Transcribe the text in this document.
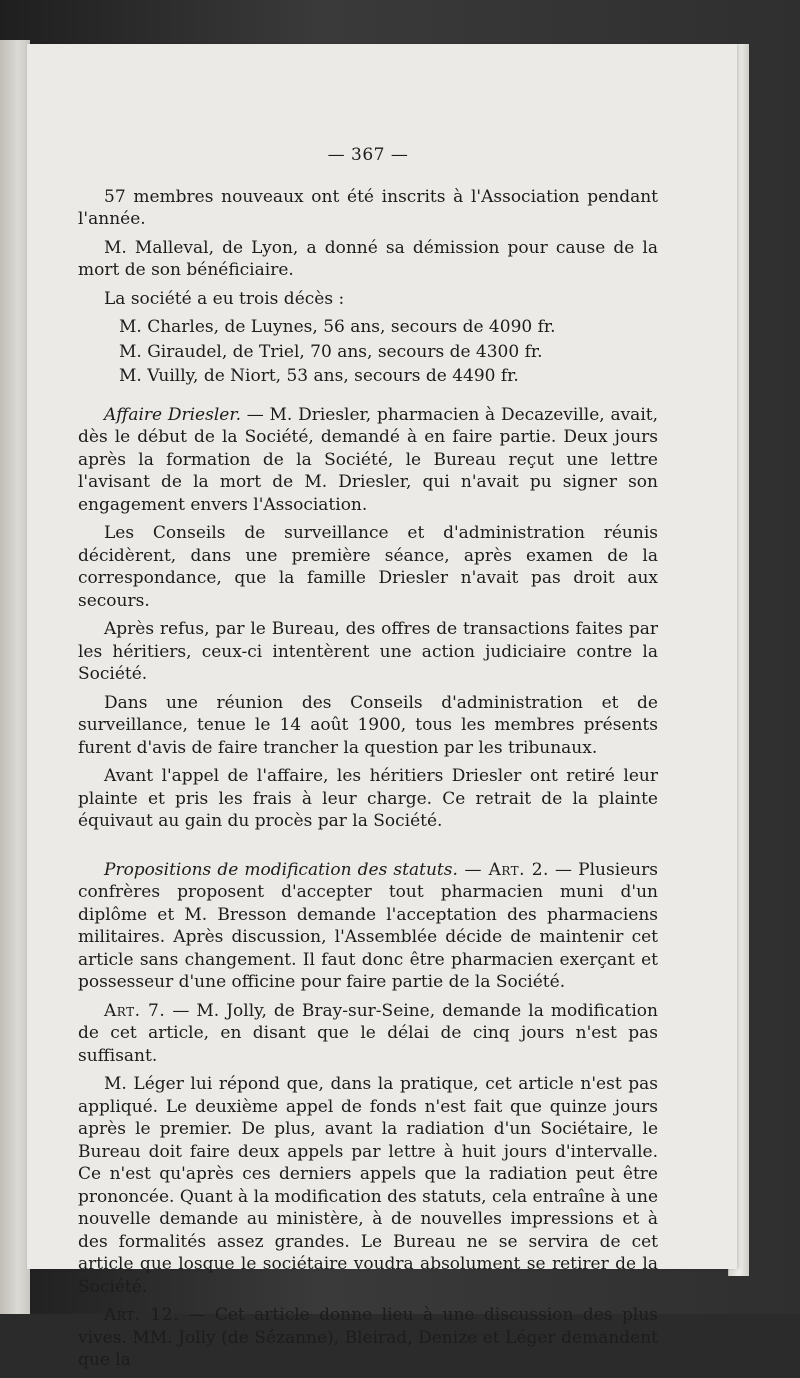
— 367 —

57 membres nouveaux ont été inscrits à l'Association pendant l'année.

M. Malleval, de Lyon, a donné sa démission pour cause de la mort de son bénéficiaire.

La société a eu trois décès :

M. Charles, de Luynes, 56 ans, secours de 4090 fr.
M. Giraudel, de Triel, 70 ans, secours de 4300 fr.
M. Vuilly, de Niort, 53 ans, secours de 4490 fr.

Affaire Driesler. — M. Driesler, pharmacien à Decazeville, avait, dès le début de la Société, demandé à en faire partie. Deux jours après la formation de la Société, le Bureau reçut une lettre l'avisant de la mort de M. Driesler, qui n'avait pu signer son engagement envers l'Association.

Les Conseils de surveillance et d'administration réunis décidèrent, dans une première séance, après examen de la correspondance, que la famille Driesler n'avait pas droit aux secours.

Après refus, par le Bureau, des offres de transactions faites par les héritiers, ceux-ci intentèrent une action judiciaire contre la Société.

Dans une réunion des Conseils d'administration et de surveillance, tenue le 14 août 1900, tous les membres présents furent d'avis de faire trancher la question par les tribunaux.

Avant l'appel de l'affaire, les héritiers Driesler ont retiré leur plainte et pris les frais à leur charge. Ce retrait de la plainte équivaut au gain du procès par la Société.

Propositions de modification des statuts. — Art. 2. — Plusieurs confrères proposent d'accepter tout pharmacien muni d'un diplôme et M. Bresson demande l'acceptation des pharmaciens militaires. Après discussion, l'Assemblée décide de maintenir cet article sans changement. Il faut donc être pharmacien exerçant et possesseur d'une officine pour faire partie de la Société.

Art. 7. — M. Jolly, de Bray-sur-Seine, demande la modification de cet article, en disant que le délai de cinq jours n'est pas suffisant.

M. Léger lui répond que, dans la pratique, cet article n'est pas appliqué. Le deuxième appel de fonds n'est fait que quinze jours après le premier. De plus, avant la radiation d'un Sociétaire, le Bureau doit faire deux appels par lettre à huit jours d'intervalle. Ce n'est qu'après ces derniers appels que la radiation peut être prononcée. Quant à la modification des statuts, cela entraîne à une nouvelle demande au ministère, à de nouvelles impressions et à des formalités assez grandes. Le Bureau ne se servira de cet article que losque le sociétaire voudra absolument se retirer de la Société.

Art. 12. — Cet article donne lieu à une discussion des plus vives. MM. Jolly (de Sézanne), Bleirad, Denize et Léger demandent que la
